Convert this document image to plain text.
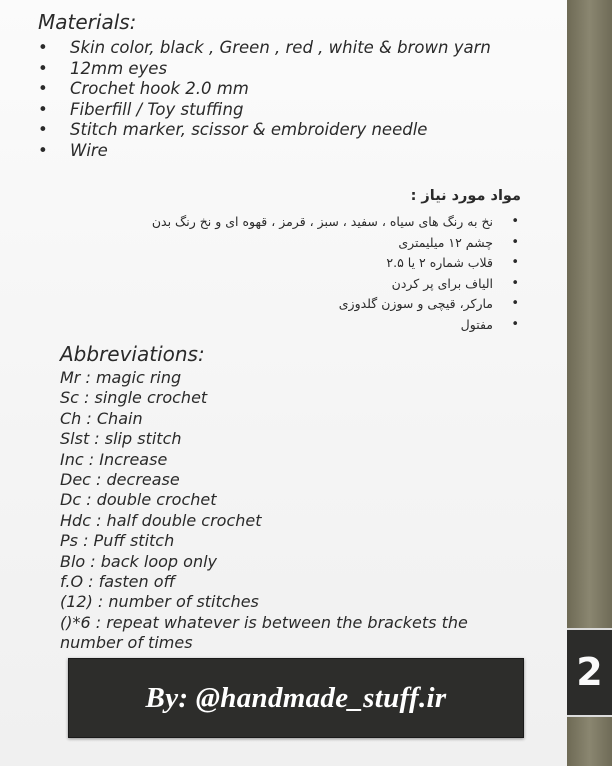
Materials:
• Skin color, black , Green , red , white & brown yarn
• 12mm eyes
• Crochet hook 2.0 mm
• Fiberfill / Toy stuffing
• Stitch marker, scissor & embroidery needle
• Wire
مواد مورد نیاز :
• نخ به رنگ های سیاه ، سفید ، سبز ، قرمز ، قهوه ای و نخ رنگ بدن
• چشم ۱۲ میلیمتری
• قلاب شماره ۲ یا ۲.۵
• الیاف برای پر کردن
• مارکر، قیچی و سوزن گلدوزی
• مفتول
Abbreviations:
Mr : magic ring
Sc : single crochet
Ch : Chain
Slst : slip stitch
Inc : Increase
Dec : decrease
Dc : double crochet
Hdc : half double crochet
Ps : Puff stitch
Blo : back loop only
f.O : fasten off
(12) : number of stitches
()*6 : repeat whatever is between the brackets the number of times
By: @handmade_stuff.ir
2
